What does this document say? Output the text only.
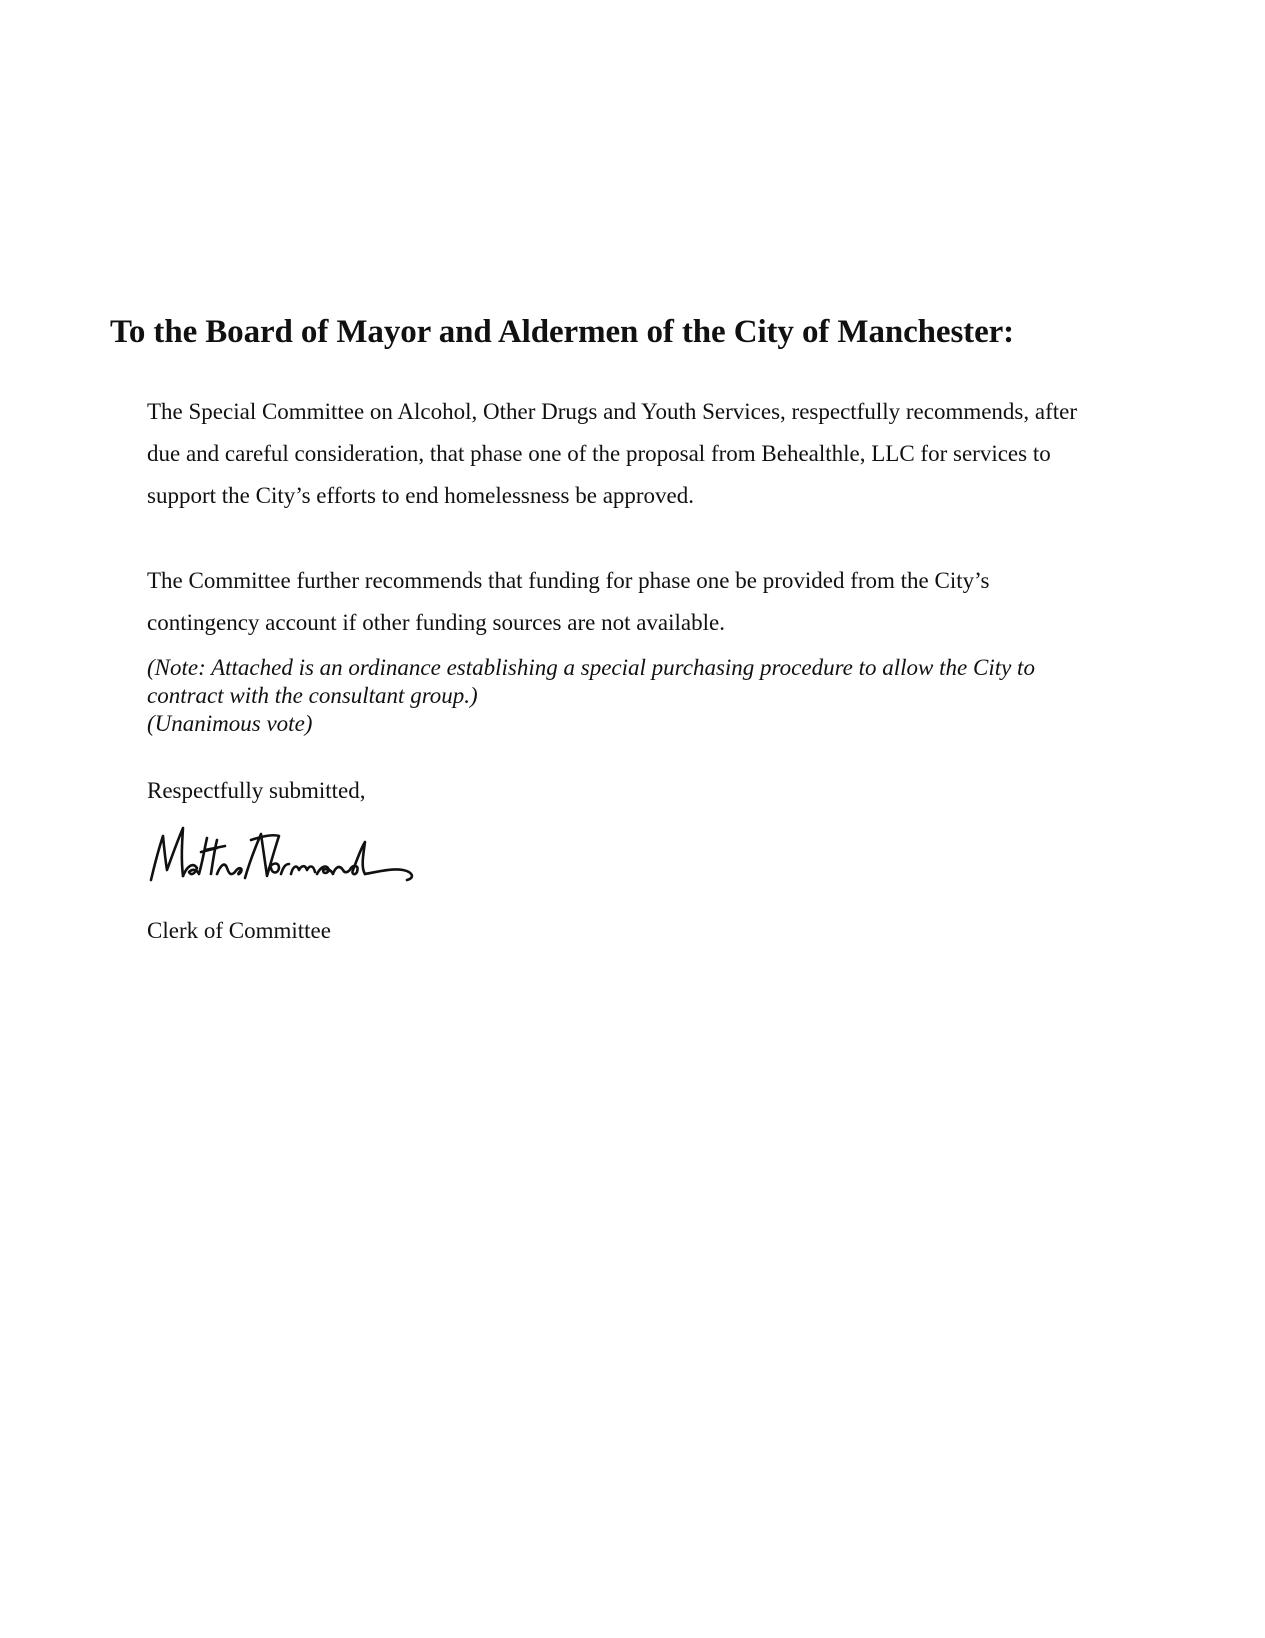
To the Board of Mayor and Aldermen of the City of Manchester:

The Special Committee on Alcohol, Other Drugs and Youth Services, respectfully recommends, after due and careful consideration, that phase one of the proposal from Behealthle, LLC for services to support the City’s efforts to end homelessness be approved.

The Committee further recommends that funding for phase one be provided from the City’s contingency account if other funding sources are not available.

(Note: Attached is an ordinance establishing a special purchasing procedure to allow the City to contract with the consultant group.)
(Unanimous vote)

Respectfully submitted,

Clerk of Committee
